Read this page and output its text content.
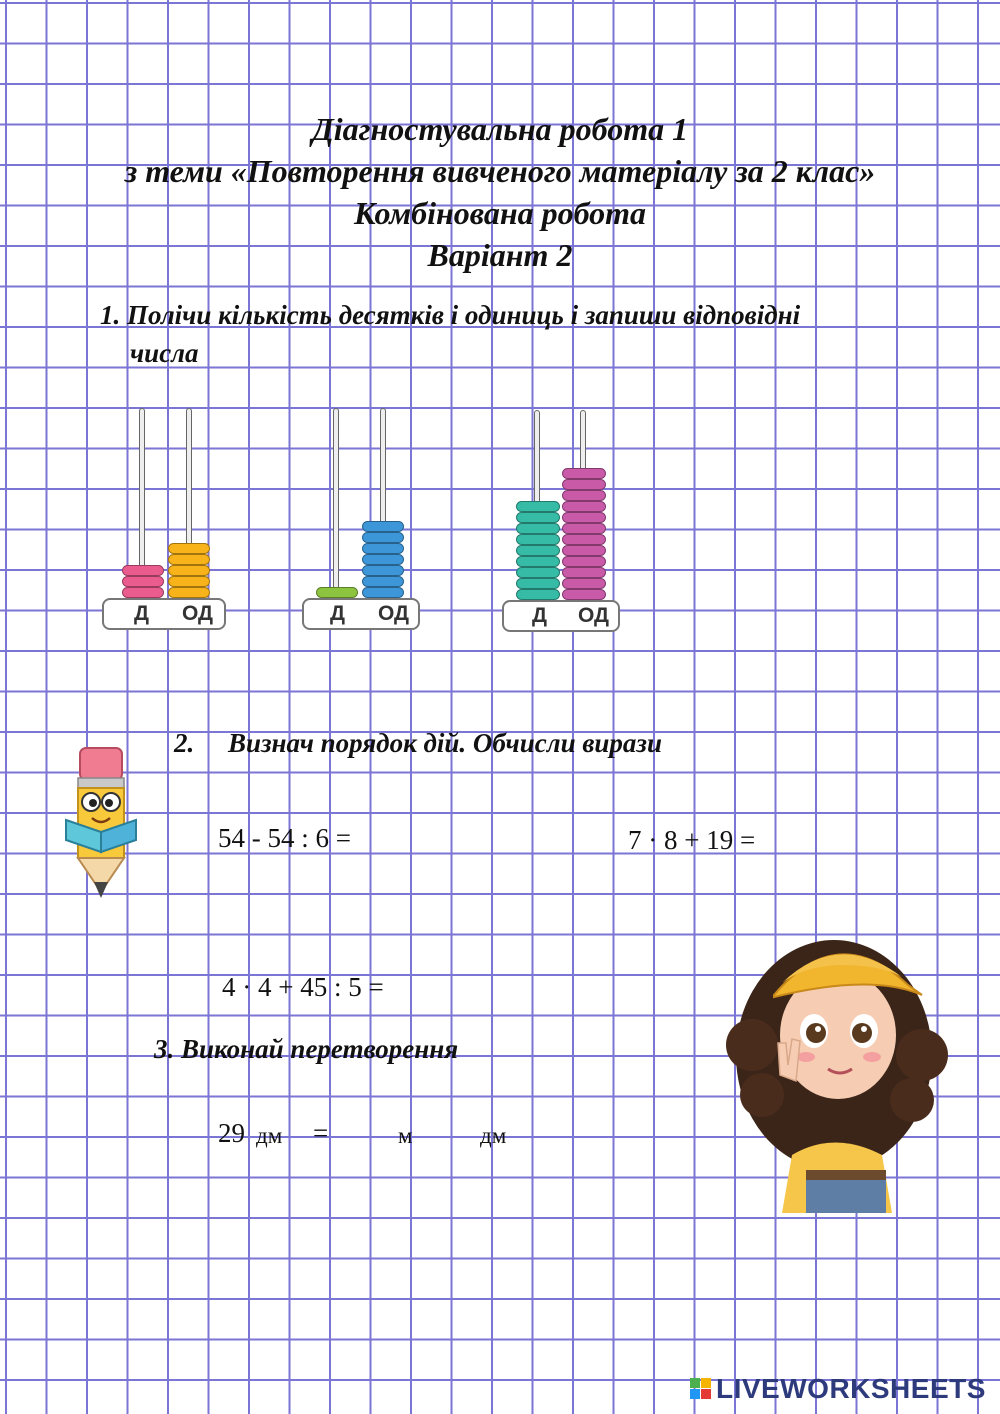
Діагностувальна робота 1
з теми «Повторення вивченого матеріалу за 2 клас»
Комбінована робота
Варіант 2
1. Полічи кількість десятків і одиниць і запиши відповідні
числа
Д ОД	Д ОД	Д ОД
2.     Визнач порядок дій. Обчисли вирази
54 - 54 : 6 =	7 · 8 + 19 =
4 · 4 + 45 : 5 =
3. Виконай перетворення
29 дм =	м	дм
LIVEWORKSHEETS
